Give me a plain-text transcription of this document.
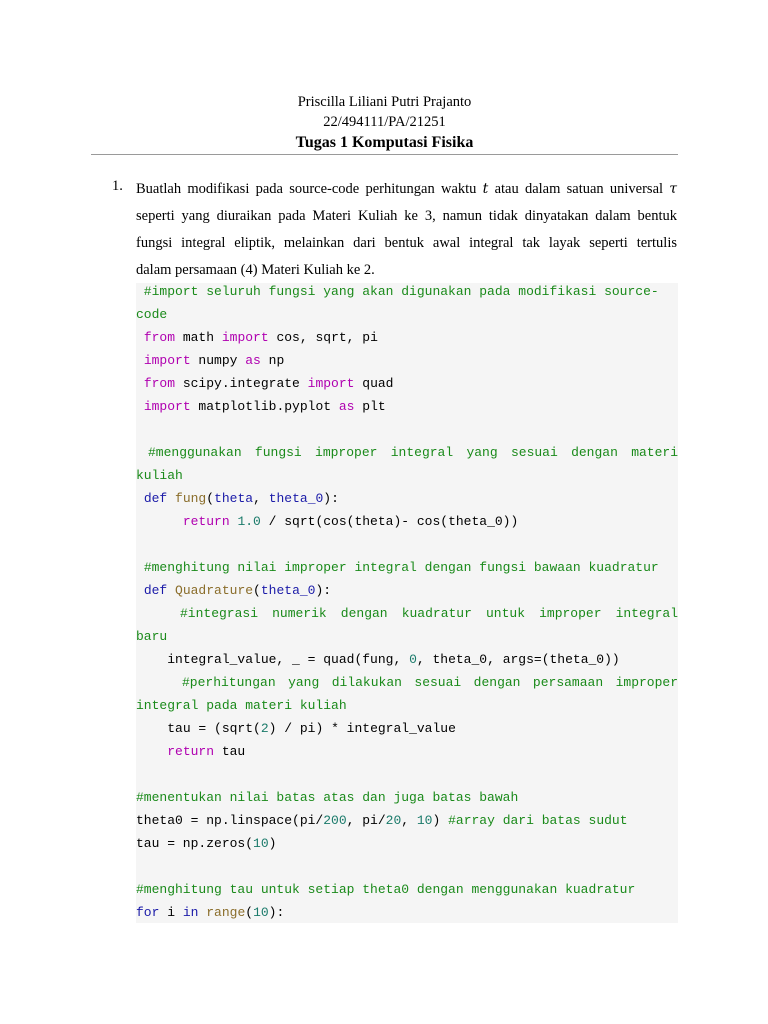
Priscilla Liliani Putri Prajanto
22/494111/PA/21251
Tugas 1 Komputasi Fisika
1. Buatlah modifikasi pada source-code perhitungan waktu t atau dalam satuan universal τ
seperti yang diuraikan pada Materi Kuliah ke 3, namun tidak dinyatakan dalam bentuk
fungsi integral eliptik, melainkan dari bentuk awal integral tak layak seperti tertulis
dalam persamaan (4) Materi Kuliah ke 2.
#import seluruh fungsi yang akan digunakan pada modifikasi source-
code
from math import cos, sqrt, pi
import numpy as np
from scipy.integrate import quad
import matplotlib.pyplot as plt
#menggunakan fungsi improper integral yang sesuai dengan materi
kuliah
def fung(theta, theta_0):
return 1.0 / sqrt(cos(theta)- cos(theta_0))
#menghitung nilai improper integral dengan fungsi bawaan kuadratur
def Quadrature(theta_0):
#integrasi numerik dengan kuadratur untuk improper integral
baru
integral_value, _ = quad(fung, 0, theta_0, args=(theta_0))
#perhitungan yang dilakukan sesuai dengan persamaan improper
integral pada materi kuliah
tau = (sqrt(2) / pi) * integral_value
return tau
#menentukan nilai batas atas dan juga batas bawah
theta0 = np.linspace(pi/200, pi/20, 10) #array dari batas sudut
tau = np.zeros(10)
#menghitung tau untuk setiap theta0 dengan menggunakan kuadratur
for i in range(10):
